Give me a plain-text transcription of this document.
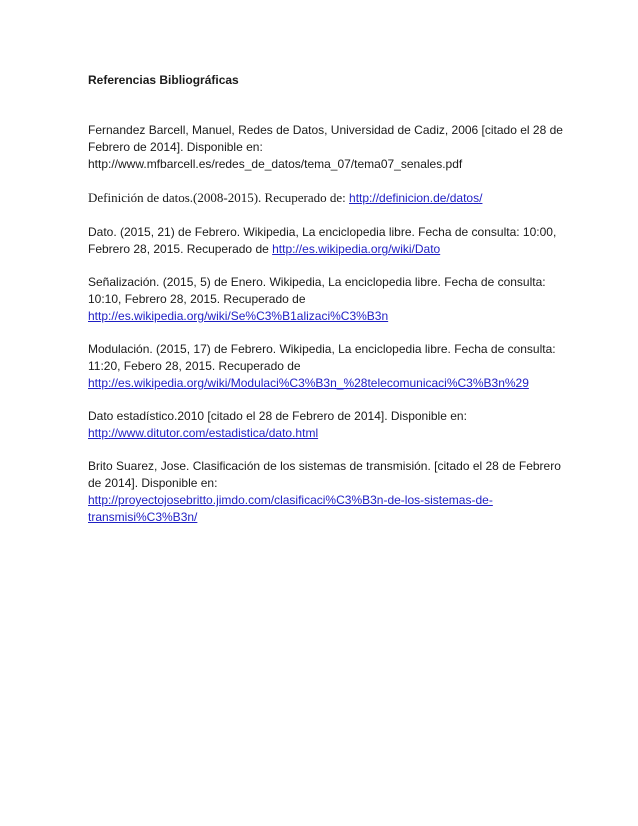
Referencias Bibliográficas

Fernandez Barcell, Manuel, Redes de Datos, Universidad de Cadiz, 2006 [citado el 28 de
Febrero de 2014]. Disponible en:
http://www.mfbarcell.es/redes_de_datos/tema_07/tema07_senales.pdf

Definición de datos.(2008-2015). Recuperado de: http://definicion.de/datos/

Dato. (2015, 21) de Febrero. Wikipedia, La enciclopedia libre. Fecha de consulta: 10:00,
Febrero 28, 2015. Recuperado de http://es.wikipedia.org/wiki/Dato

Señalización. (2015, 5) de Enero. Wikipedia, La enciclopedia libre. Fecha de consulta:
10:10, Febrero 28, 2015. Recuperado de
http://es.wikipedia.org/wiki/Se%C3%B1alizaci%C3%B3n

Modulación. (2015, 17) de Febrero. Wikipedia, La enciclopedia libre. Fecha de consulta:
11:20, Febero 28, 2015. Recuperado de
http://es.wikipedia.org/wiki/Modulaci%C3%B3n_%28telecomunicaci%C3%B3n%29

Dato estadístico.2010 [citado el 28 de Febrero de 2014]. Disponible en:
http://www.ditutor.com/estadistica/dato.html

Brito Suarez, Jose. Clasificación de los sistemas de transmisión. [citado el 28 de Febrero
de 2014]. Disponible en:
http://proyectojosebritto.jimdo.com/clasificaci%C3%B3n-de-los-sistemas-de-
transmisi%C3%B3n/
